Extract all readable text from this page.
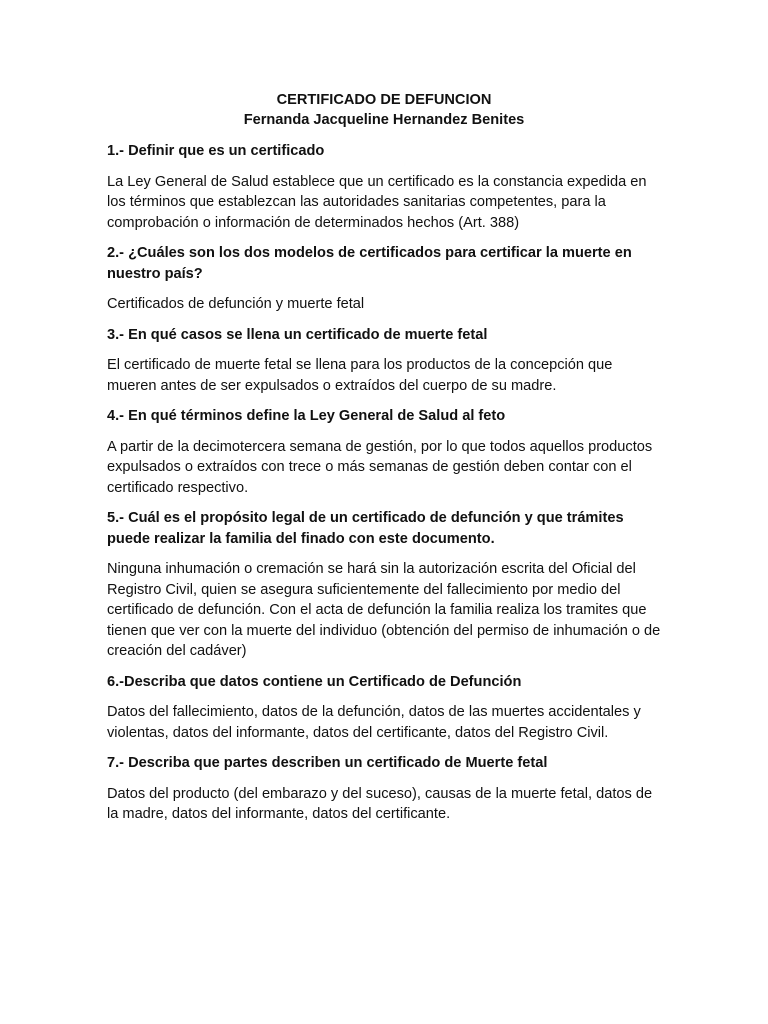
CERTIFICADO DE DEFUNCION

Fernanda Jacqueline Hernandez Benites

1.- Definir que es un certificado

La Ley General de Salud establece que un certificado es la constancia expedida en los términos que establezcan las autoridades sanitarias competentes, para la comprobación o información de determinados hechos (Art. 388)

2.- ¿Cuáles son los dos modelos de certificados para certificar la muerte en nuestro país?

Certificados de defunción y muerte fetal

3.- En qué casos se llena un certificado de muerte fetal

El certificado de muerte fetal se llena para los productos de la concepción que mueren antes de ser expulsados o extraídos del cuerpo de su madre.

4.- En qué términos define la Ley General de Salud al feto

A partir de la decimotercera semana de gestión, por lo que todos aquellos productos expulsados o extraídos con trece o más semanas de gestión deben contar con el certificado respectivo.

5.- Cuál es el propósito legal de un certificado de defunción y que trámites puede realizar la familia del finado con este documento.

Ninguna inhumación o cremación se hará sin la autorización escrita del Oficial del Registro Civil, quien se asegura suficientemente del fallecimiento por medio del certificado de defunción. Con el acta de defunción la familia realiza los tramites que tienen que ver con la muerte del individuo (obtención del permiso de inhumación o de creación del cadáver)

6.-Describa que datos contiene un Certificado de Defunción

Datos del fallecimiento, datos de la defunción, datos de las muertes accidentales y violentas, datos del informante, datos del certificante, datos del Registro Civil.

7.- Describa que partes describen un certificado de Muerte fetal

Datos del producto (del embarazo y del suceso), causas de la muerte fetal, datos de la madre, datos del informante, datos del certificante.
